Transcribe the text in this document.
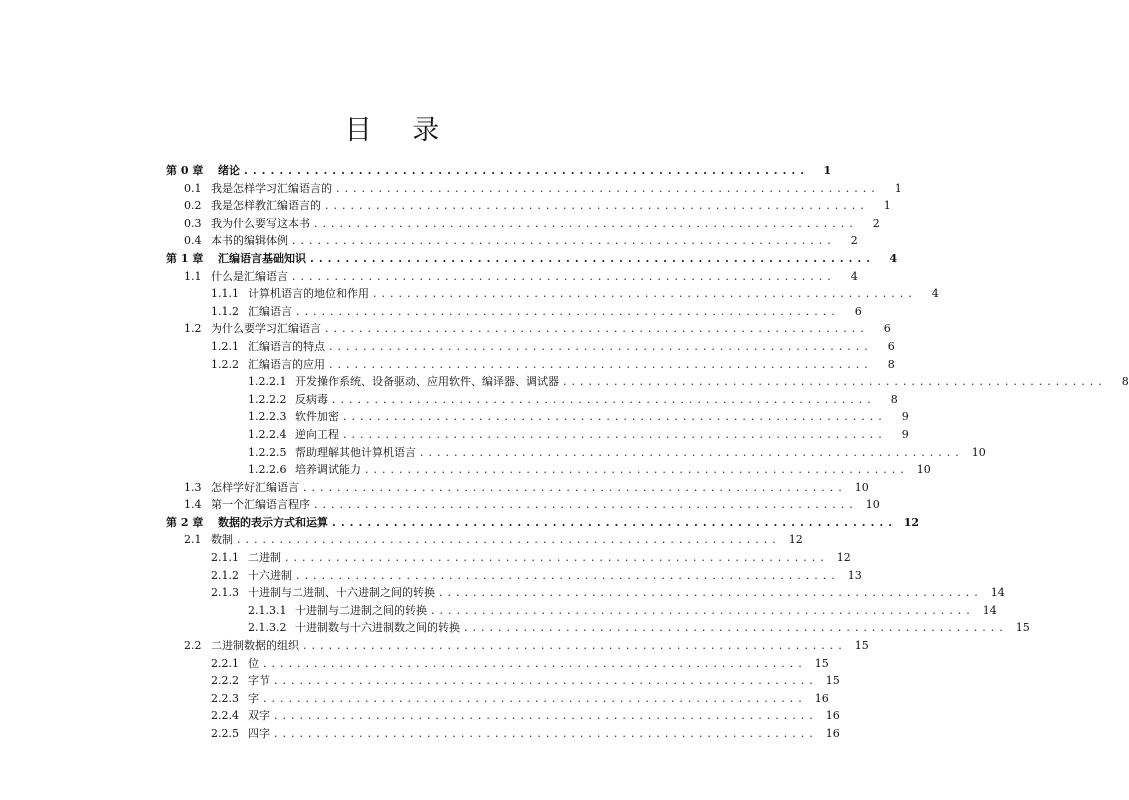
目 录
第 0 章 绪论 ................................................................	1
0.1 我是怎样学习汇编语言的 ................................................................	1
0.2 我是怎样教汇编语言的 ................................................................	1
0.3 我为什么要写这本书 ................................................................	2
0.4 本书的编辑体例 ................................................................	2
第 1 章 汇编语言基础知识 ................................................................	4
1.1 什么是汇编语言 ................................................................	4
1.1.1 计算机语言的地位和作用 ................................................................	4
1.1.2 汇编语言 ................................................................	6
1.2 为什么要学习汇编语言 ................................................................	6
1.2.1 汇编语言的特点 ................................................................	6
1.2.2 汇编语言的应用 ................................................................	8
1.2.2.1 开发操作系统、设备驱动、应用软件、编译器、调试器 ................................................................	8
1.2.2.2 反病毒 ................................................................	8
1.2.2.3 软件加密 ................................................................	9
1.2.2.4 逆向工程 ................................................................	9
1.2.2.5 帮助理解其他计算机语言 ................................................................ 10
1.2.2.6 培养调试能力 ................................................................ 10
1.3 怎样学好汇编语言 ................................................................ 10
1.4 第一个汇编语言程序 ................................................................ 10
第 2 章 数据的表示方式和运算 ................................................................ 12
2.1 数制 ................................................................ 12
2.1.1 二进制 ................................................................ 12
2.1.2 十六进制 ................................................................ 13
2.1.3 十进制与二进制、十六进制之间的转换 ................................................................ 14
2.1.3.1 十进制与二进制之间的转换 ................................................................ 14
2.1.3.2 十进制数与十六进制数之间的转换 ................................................................ 15
2.2 二进制数据的组织 ................................................................ 15
2.2.1 位 ................................................................ 15
2.2.2 字节 ................................................................ 15
2.2.3 字 ................................................................ 16
2.2.4 双字 ................................................................ 16
2.2.5 四字 ................................................................ 16
